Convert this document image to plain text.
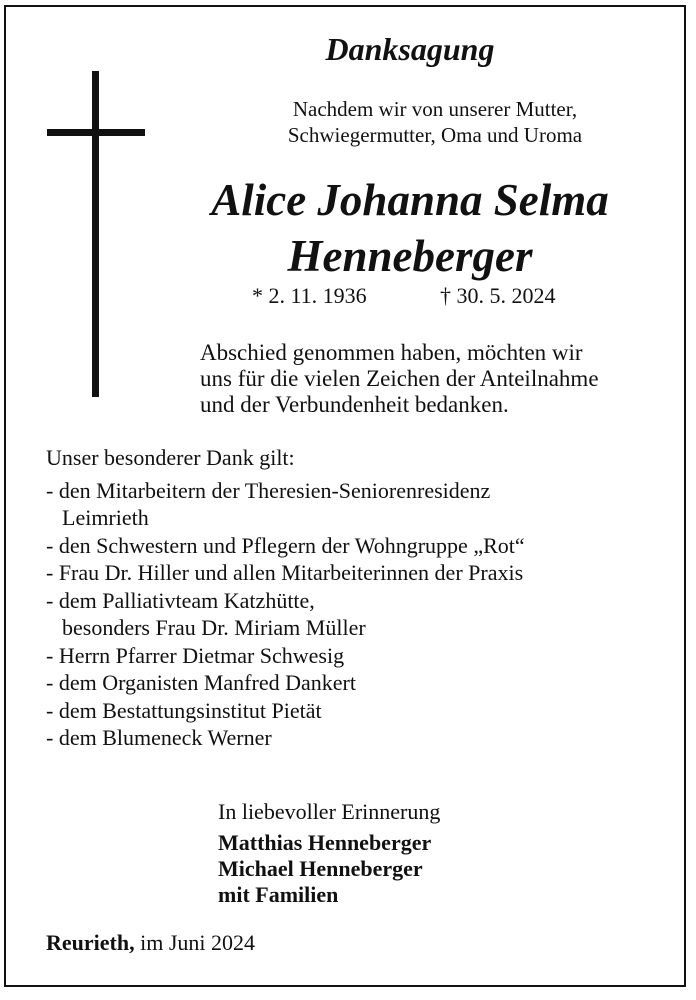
Danksagung
Nachdem wir von unserer Mutter,
Schwiegermutter, Oma und Uroma
Alice Johanna Selma
Henneberger
* 2. 11. 1936	† 30. 5. 2024
Abschied genommen haben, möchten wir
uns für die vielen Zeichen der Anteilnahme
und der Verbundenheit bedanken.
Unser besonderer Dank gilt:
- den Mitarbeitern der Theresien-Seniorenresidenz
Leimrieth
- den Schwestern und Pflegern der Wohngruppe „Rot“
- Frau Dr. Hiller und allen Mitarbeiterinnen der Praxis
- dem Palliativteam Katzhütte,
besonders Frau Dr. Miriam Müller
- Herrn Pfarrer Dietmar Schwesig
- dem Organisten Manfred Dankert
- dem Bestattungsinstitut Pietät
- dem Blumeneck Werner
In liebevoller Erinnerung
Matthias Henneberger
Michael Henneberger
mit Familien
Reurieth, im Juni 2024
